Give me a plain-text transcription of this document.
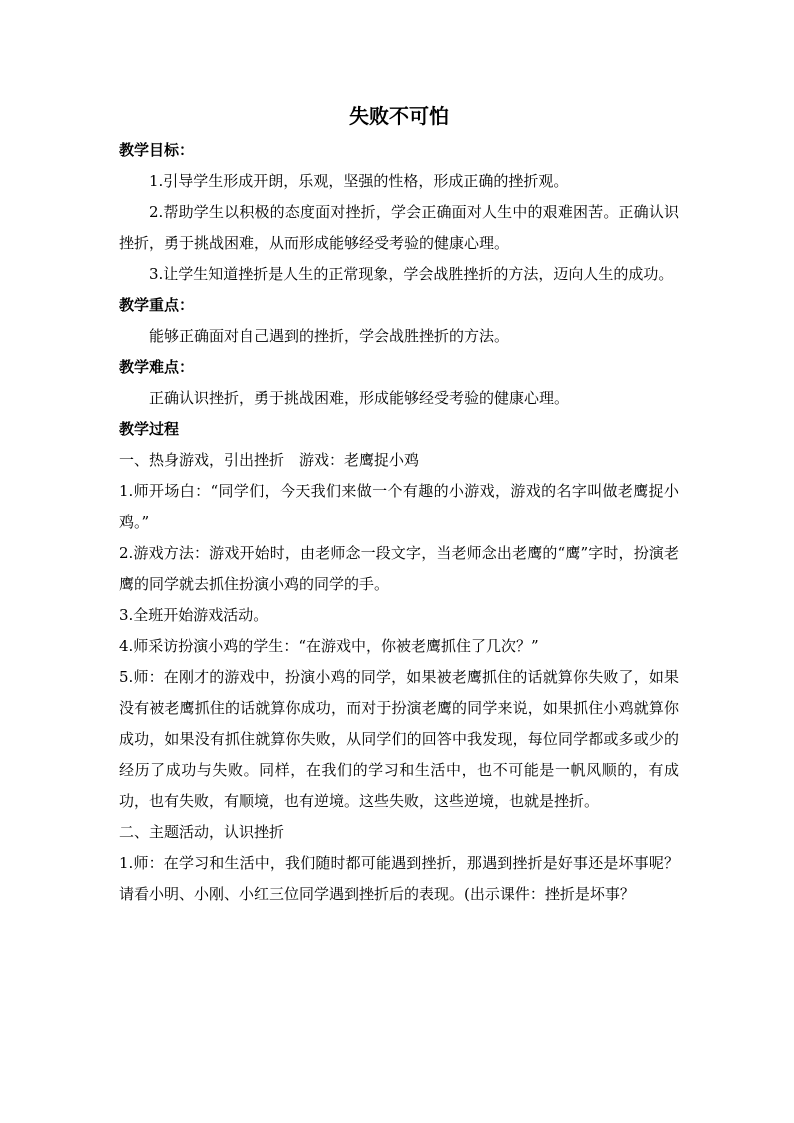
失败不可怕
教学目标：

1.引导学生形成开朗，乐观，坚强的性格，形成正确的挫折观。

2.帮助学生以积极的态度面对挫折，学会正确面对人生中的艰难困苦。正确认识挫折，勇于挑战困难，从而形成能够经受考验的健康心理。

3.让学生知道挫折是人生的正常现象，学会战胜挫折的方法，迈向人生的成功。

教学重点：

能够正确面对自己遇到的挫折，学会战胜挫折的方法。

教学难点：

正确认识挫折，勇于挑战困难，形成能够经受考验的健康心理。

教学过程

一、热身游戏，引出挫折　游戏：老鹰捉小鸡

1.师开场白：“同学们，今天我们来做一个有趣的小游戏，游戏的名字叫做老鹰捉小鸡。”

2.游戏方法：游戏开始时，由老师念一段文字，当老师念出老鹰的“鹰”字时，扮演老鹰的同学就去抓住扮演小鸡的同学的手。

3.全班开始游戏活动。

4.师采访扮演小鸡的学生：“在游戏中，你被老鹰抓住了几次？”

5.师：在刚才的游戏中，扮演小鸡的同学，如果被老鹰抓住的话就算你失败了，如果没有被老鹰抓住的话就算你成功，而对于扮演老鹰的同学来说，如果抓住小鸡就算你成功，如果没有抓住就算你失败，从同学们的回答中我发现，每位同学都或多或少的经历了成功与失败。同样，在我们的学习和生活中，也不可能是一帆风顺的，有成功，也有失败，有顺境，也有逆境。这些失败，这些逆境，也就是挫折。

二、主题活动，认识挫折

1.师：在学习和生活中，我们随时都可能遇到挫折，那遇到挫折是好事还是坏事呢？请看小明、小刚、小红三位同学遇到挫折后的表现。(出示课件：挫折是坏事？
